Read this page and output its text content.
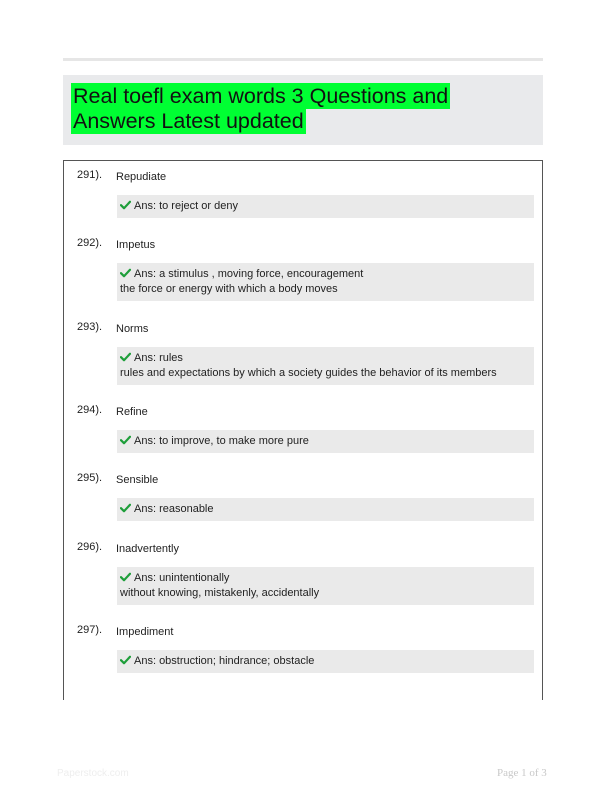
Real toefl exam words 3 Questions and Answers Latest updated
291). Repudiate
Ans: to reject or deny
292). Impetus
Ans: a stimulus , moving force, encouragement
the force or energy with which a body moves
293). Norms
Ans: rules
rules and expectations by which a society guides the behavior of its members
294). Refine
Ans: to improve, to make more pure
295). Sensible
Ans: reasonable
296). Inadvertently
Ans: unintentionally
without knowing, mistakenly, accidentally
297). Impediment
Ans: obstruction; hindrance; obstacle
Paperstock.com	Page 1 of 3
